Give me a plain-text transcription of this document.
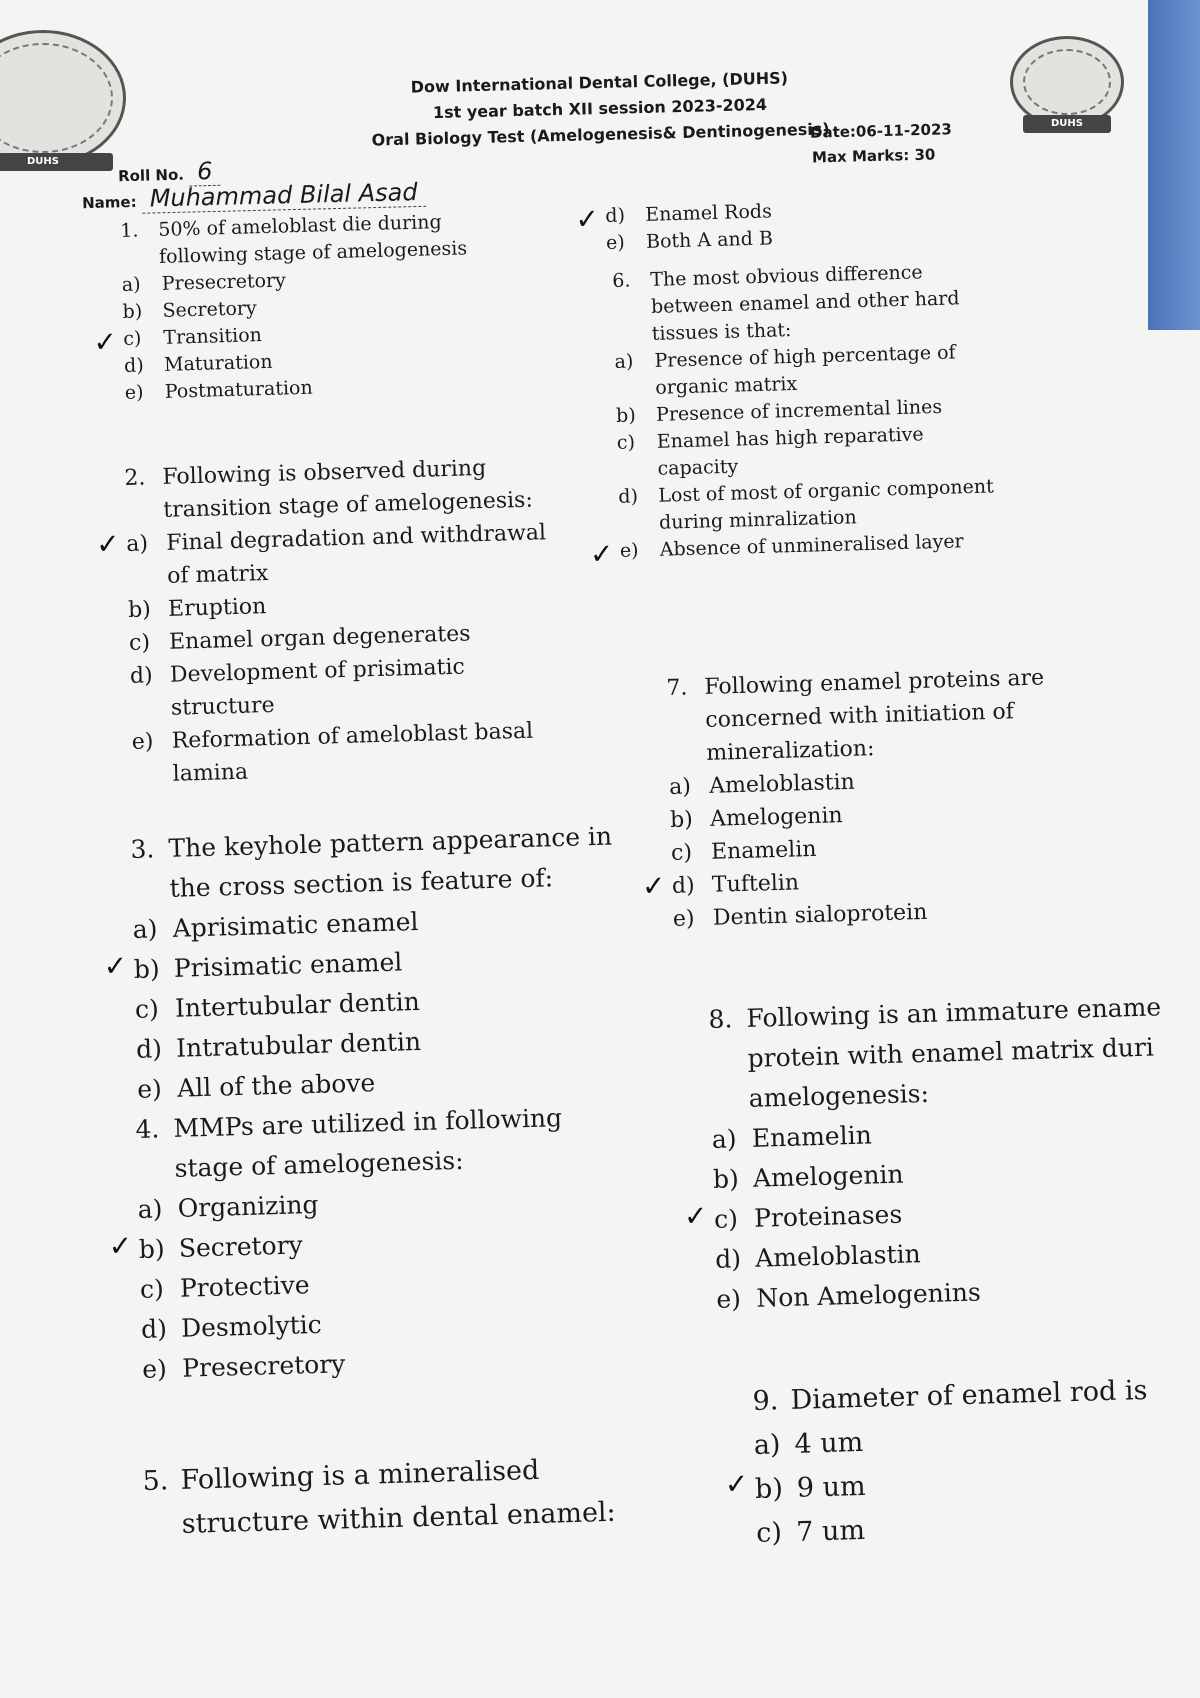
DUHS
DUHS
Dow International Dental College, (DUHS)
1st year batch XII session 2023-2024
Oral Biology Test (Amelogenesis& Dentinogenesis)
Date:06-11-2023
Max Marks: 30
Roll No. 6
Name: Muhammad Bilal Asad
1.	50% of ameloblast die during
following stage of amelogenesis
a)	Presecretory
b)	Secretory
c)	Transition
✓
d)	Maturation
e)	Postmaturation
2. Following is observed during
transition stage of amelogenesis:
a) Final degradation and withdrawal
of matrix
✓
b) Eruption
c) Enamel organ degenerates
d) Development of prisimatic
structure
e) Reformation of ameloblast basal
lamina
3. The keyhole pattern appearance in
the cross section is feature of:
a) Aprisimatic enamel
b) Prisimatic enamel
✓
c) Intertubular dentin
d) Intratubular dentin
e) All of the above
4. MMPs are utilized in following
stage of amelogenesis:
a) Organizing
b) Secretory
✓
c) Protective
d) Desmolytic
e) Presecretory
5. Following is a mineralised
structure within dental enamel:
d)	Enamel Rods
✓
e)	Both A and B
6.	The most obvious difference
between enamel and other hard
tissues is that:
a)	Presence of high percentage of
organic matrix
b)	Presence of incremental lines
c)	Enamel has high reparative
capacity
d)	Lost of most of organic component
during minralization
e)	Absence of unmineralised layer
✓
7. Following enamel proteins are
concerned with initiation of
mineralization:
a) Ameloblastin
b) Amelogenin
c) Enamelin
d) Tuftelin
✓
e) Dentin sialoprotein
8. Following is an immature ename
protein with enamel matrix duri
amelogenesis:
a) Enamelin
b) Amelogenin
c) Proteinases
✓
d) Ameloblastin
e) Non Amelogenins
9. Diameter of enamel rod is
a) 4 um
b) 9 um
✓
c) 7 um
